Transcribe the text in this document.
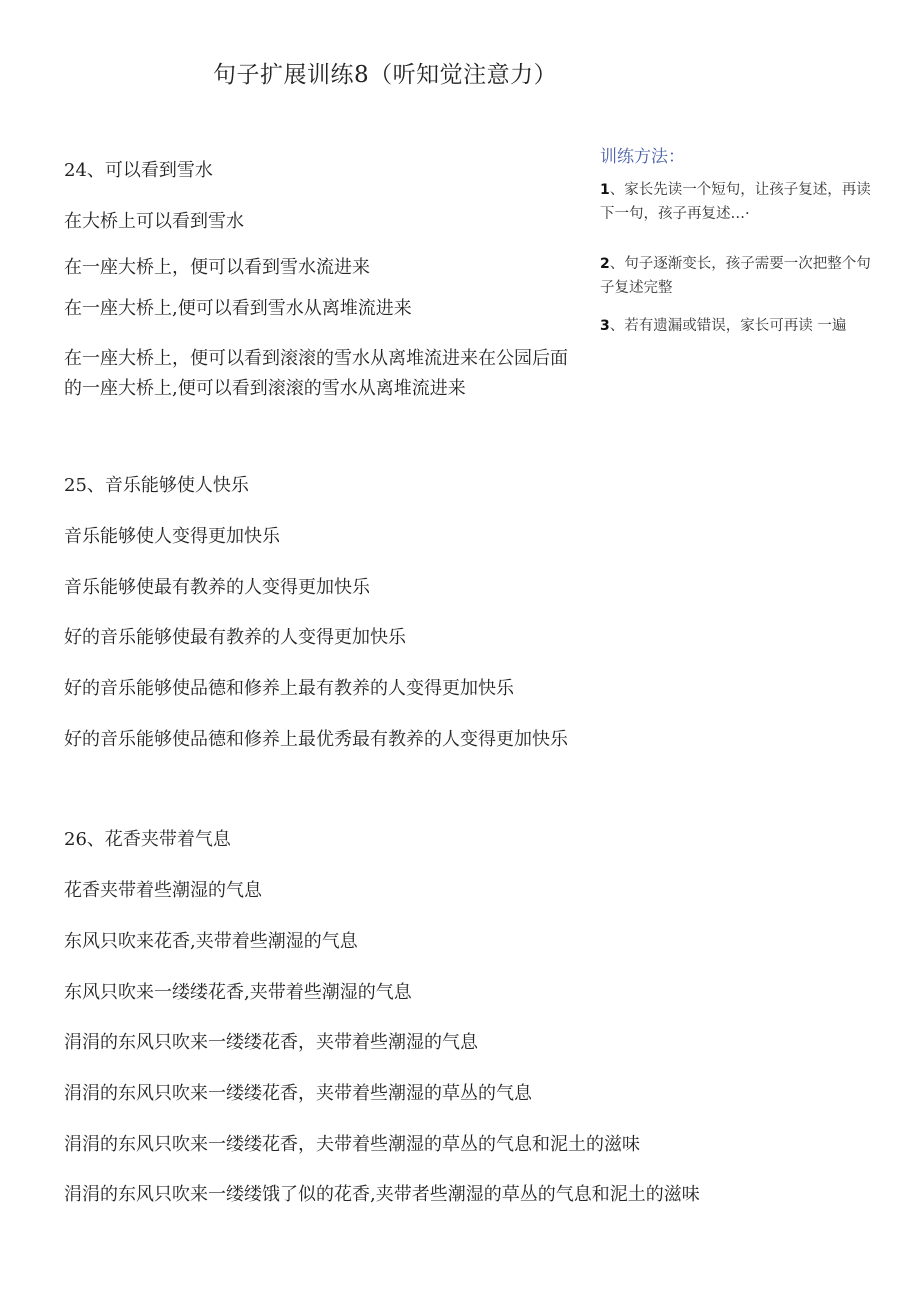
句子扩展训练8（听知觉注意力）
训练方法：
1、家长先读一个短句，让孩子复述，再读下一句，孩子再复述…·
2、句子逐渐变长，孩子需要一次把整个句子复述完整
3、若有遗漏或错误，家长可再读 一遍
24、可以看到雪水
在大桥上可以看到雪水
在一座大桥上，便可以看到雪水流进来
在一座大桥上,便可以看到雪水从离堆流进来
在一座大桥上，便可以看到滚滚的雪水从离堆流进来在公园后面的一座大桥上,便可以看到滚滚的雪水从离堆流进来
25、音乐能够使人快乐
音乐能够使人变得更加快乐
音乐能够使最有教养的人变得更加快乐
好的音乐能够使最有教养的人变得更加快乐
好的音乐能够使品德和修养上最有教养的人变得更加快乐
好的音乐能够使品德和修养上最优秀最有教养的人变得更加快乐
26、花香夹带着气息
花香夹带着些潮湿的气息
东风只吹来花香,夹带着些潮湿的气息
东风只吹来一缕缕花香,夹带着些潮湿的气息
涓涓的东风只吹来一缕缕花香，夹带着些潮湿的气息
涓涓的东风只吹来一缕缕花香，夹带着些潮湿的草丛的气息
涓涓的东风只吹来一缕缕花香，夫带着些潮湿的草丛的气息和泥土的滋味
涓涓的东风只吹来一缕缕饿了似的花香,夹带者些潮湿的草丛的气息和泥土的滋味
